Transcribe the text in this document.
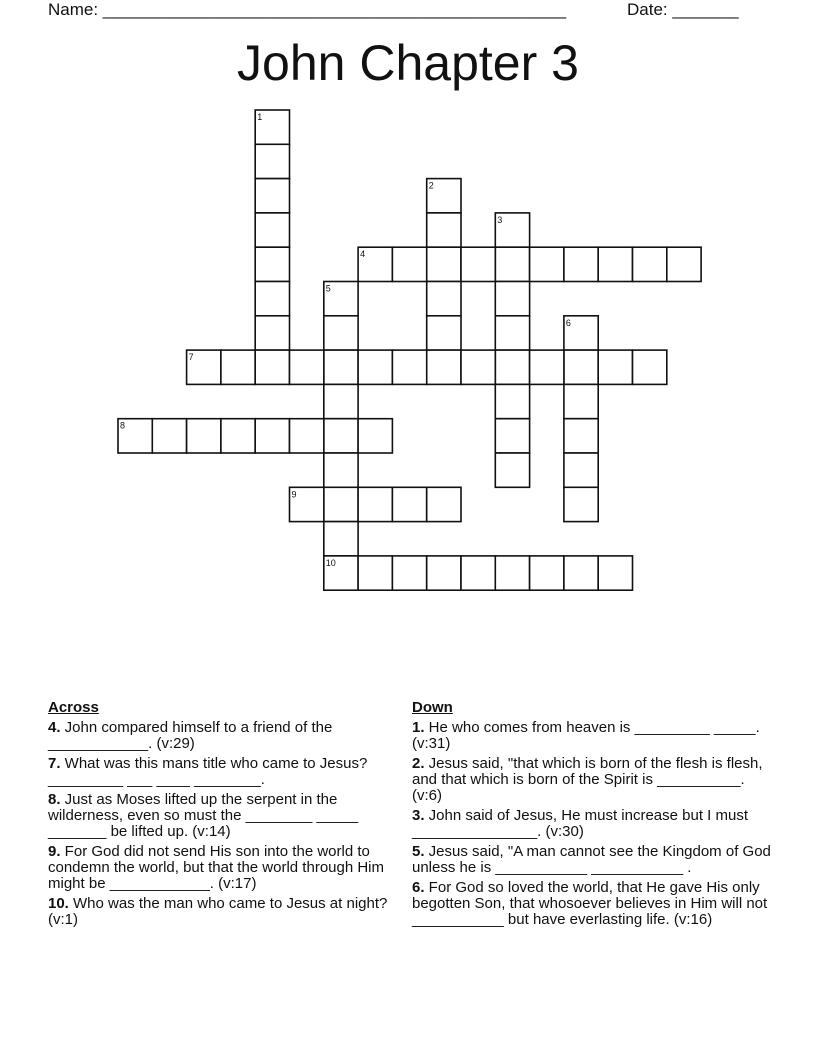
Name: _________________________________________________	Date: _______
John Chapter 3
1
2
3
4
5
6
7
8
9
10
Across
4. John compared himself to a friend of the ____________. (v:29)
7. What was this mans title who came to Jesus? _________ ___ ____ ________.
8. Just as Moses lifted up the serpent in the wilderness, even so must the ________ _____ _______ be lifted up. (v:14)
9. For God did not send His son into the world to condemn the world, but that the world through Him might be ____________. (v:17)
10. Who was the man who came to Jesus at night? (v:1)
Down
1. He who comes from heaven is _________ _____. (v:31)
2. Jesus said, "that which is born of the flesh is flesh, and that which is born of the Spirit is __________. (v:6)
3. John said of Jesus, He must increase but I must _______________. (v:30)
5. Jesus said, "A man cannot see the Kingdom of God unless he is ___________ ___________ .
6. For God so loved the world, that He gave His only begotten Son, that whosoever believes in Him will not ___________ but have everlasting life. (v:16)
